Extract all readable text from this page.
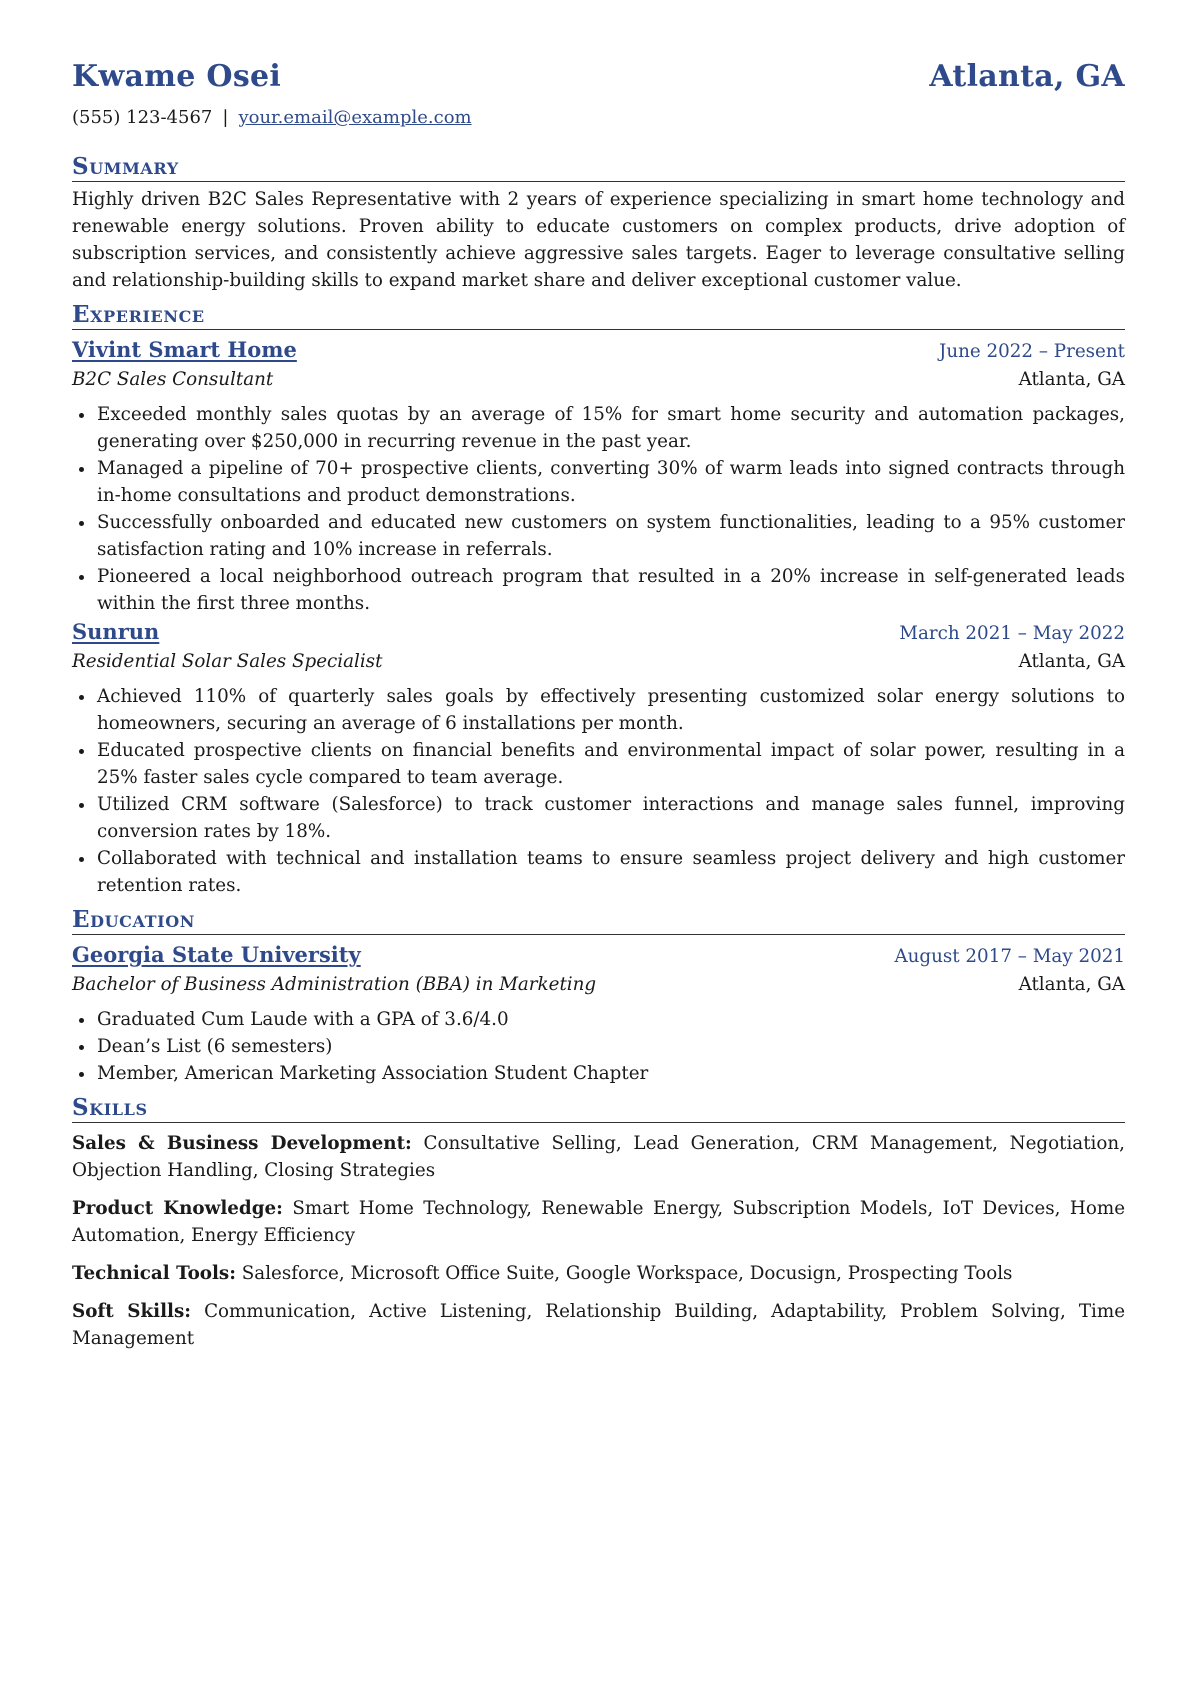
Kwame Osei	Atlanta, GA
(555) 123-4567 | your.email@example.com
Summary

Highly driven B2C Sales Representative with 2 years of experience specializing in smart home technology and renewable energy solutions. Proven ability to educate customers on complex products, drive adoption of subscription services, and consistently achieve aggressive sales targets. Eager to leverage consultative selling and relationship-building skills to expand market share and deliver exceptional customer value.

Experience
Vivint Smart Home	June 2022 – Present
B2C Sales Consultant	Atlanta, GA
Exceeded monthly sales quotas by an average of 15% for smart home security and automation packages, generating over $250,000 in recurring revenue in the past year.
Managed a pipeline of 70+ prospective clients, converting 30% of warm leads into signed contracts through in-home consultations and product demonstrations.
Successfully onboarded and educated new customers on system functionalities, leading to a 95% customer satisfaction rating and 10% increase in referrals.
Pioneered a local neighborhood outreach program that resulted in a 20% increase in self-generated leads within the first three months.
Sunrun	March 2021 – May 2022
Residential Solar Sales Specialist	Atlanta, GA
Achieved 110% of quarterly sales goals by effectively presenting customized solar energy solutions to homeowners, securing an average of 6 installations per month.
Educated prospective clients on financial benefits and environmental impact of solar power, resulting in a 25% faster sales cycle compared to team average.
Utilized CRM software (Salesforce) to track customer interactions and manage sales funnel, improving conversion rates by 18%.
Collaborated with technical and installation teams to ensure seamless project delivery and high customer retention rates.
Education
Georgia State University	August 2017 – May 2021
Bachelor of Business Administration (BBA) in Marketing	Atlanta, GA
Graduated Cum Laude with a GPA of 3.6/4.0
Dean’s List (6 semesters)
Member, American Marketing Association Student Chapter
Skills

Sales & Business Development: Consultative Selling, Lead Generation, CRM Management, Negotiation, Objection Handling, Closing Strategies

Product Knowledge: Smart Home Technology, Renewable Energy, Subscription Models, IoT Devices, Home Automation, Energy Efficiency

Technical Tools: Salesforce, Microsoft Office Suite, Google Workspace, Docusign, Prospecting Tools

Soft Skills: Communication, Active Listening, Relationship Building, Adaptability, Problem Solving, Time Management
